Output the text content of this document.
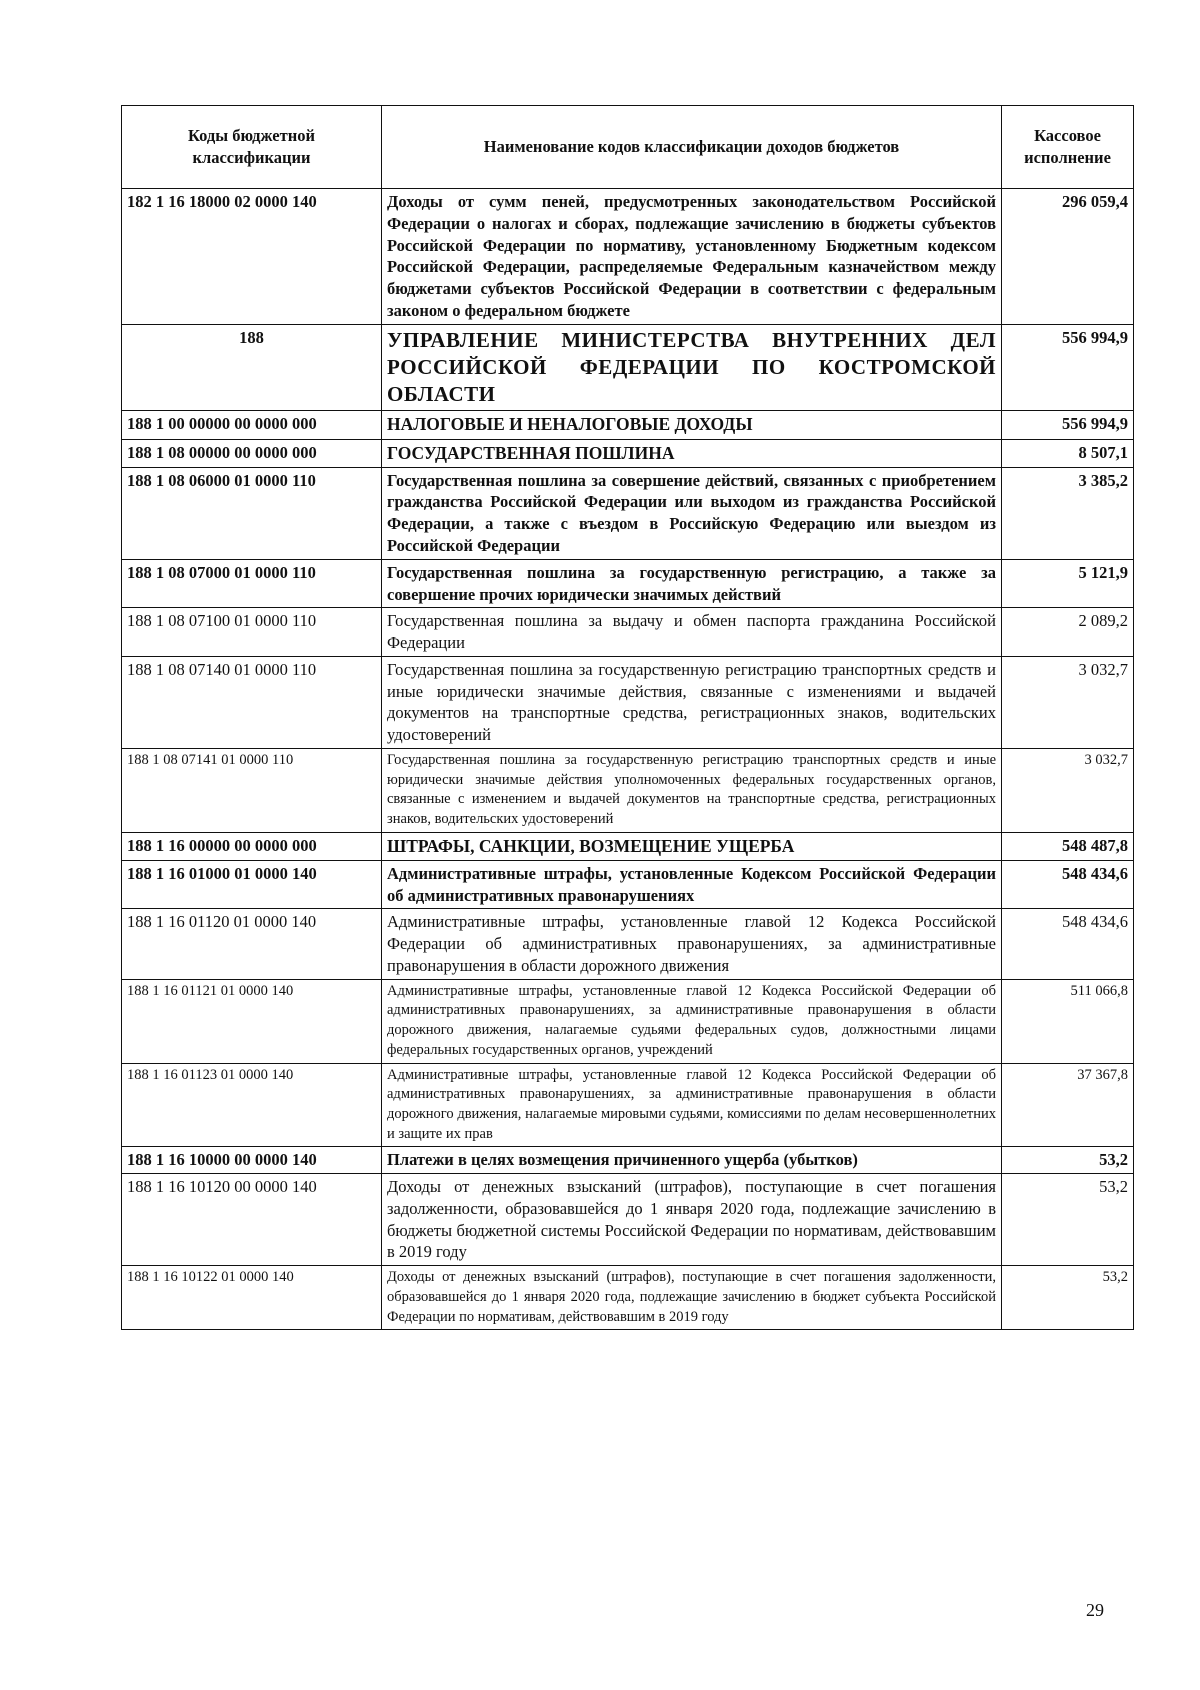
Коды бюджетной классификации	Наименование кодов классификации доходов бюджетов	Кассовое исполнение
182 1 16 18000 02 0000 140	Доходы от сумм пеней, предусмотренных законодательством Российской Федерации о налогах и сборах, подлежащие зачислению в бюджеты субъектов Российской Федерации по нормативу, установленному Бюджетным кодексом Российской Федерации, распределяемые Федеральным казначейством между бюджетами субъектов Российской Федерации в соответствии с федеральным законом о федеральном бюджете	296 059,4
188	УПРАВЛЕНИЕ МИНИСТЕРСТВА ВНУТРЕННИХ ДЕЛ РОССИЙСКОЙ ФЕДЕРАЦИИ ПО КОСТРОМСКОЙ ОБЛАСТИ	556 994,9
188 1 00 00000 00 0000 000	НАЛОГОВЫЕ И НЕНАЛОГОВЫЕ ДОХОДЫ	556 994,9
188 1 08 00000 00 0000 000	ГОСУДАРСТВЕННАЯ ПОШЛИНА	8 507,1
188 1 08 06000 01 0000 110	Государственная пошлина за совершение действий, связанных с приобретением гражданства Российской Федерации или выходом из гражданства Российской Федерации, а также с въездом в Российскую Федерацию или выездом из Российской Федерации	3 385,2
188 1 08 07000 01 0000 110	Государственная пошлина за государственную регистрацию, а также за совершение прочих юридически значимых действий	5 121,9
188 1 08 07100 01 0000 110	Государственная пошлина за выдачу и обмен паспорта гражданина Российской Федерации	2 089,2
188 1 08 07140 01 0000 110	Государственная пошлина за государственную регистрацию транспортных средств и иные юридически значимые действия, связанные с изменениями и выдачей документов на транспортные средства, регистрационных знаков, водительских удостоверений	3 032,7
188 1 08 07141 01 0000 110	Государственная пошлина за государственную регистрацию транспортных средств и иные юридически значимые действия уполномоченных федеральных государственных органов, связанные с изменением и выдачей документов на транспортные средства, регистрационных знаков, водительских удостоверений	3 032,7
188 1 16 00000 00 0000 000	ШТРАФЫ, САНКЦИИ, ВОЗМЕЩЕНИЕ УЩЕРБА	548 487,8
188 1 16 01000 01 0000 140	Административные штрафы, установленные Кодексом Российской Федерации об административных правонарушениях	548 434,6
188 1 16 01120 01 0000 140	Административные штрафы, установленные главой 12 Кодекса Российской Федерации об административных правонарушениях, за административные правонарушения в области дорожного движения	548 434,6
188 1 16 01121 01 0000 140	Административные штрафы, установленные главой 12 Кодекса Российской Федерации об административных правонарушениях, за административные правонарушения в области дорожного движения, налагаемые судьями федеральных судов, должностными лицами федеральных государственных органов, учреждений	511 066,8
188 1 16 01123 01 0000 140	Административные штрафы, установленные главой 12 Кодекса Российской Федерации об административных правонарушениях, за административные правонарушения в области дорожного движения, налагаемые мировыми судьями, комиссиями по делам несовершеннолетних и защите их прав	37 367,8
188 1 16 10000 00 0000 140	Платежи в целях возмещения причиненного ущерба (убытков)	53,2
188 1 16 10120 00 0000 140	Доходы от денежных взысканий (штрафов), поступающие в счет погашения задолженности, образовавшейся до 1 января 2020 года, подлежащие зачислению в бюджеты бюджетной системы Российской Федерации по нормативам, действовавшим в 2019 году	53,2
188 1 16 10122 01 0000 140	Доходы от денежных взысканий (штрафов), поступающие в счет погашения задолженности, образовавшейся до 1 января 2020 года, подлежащие зачислению в бюджет субъекта Российской Федерации по нормативам, действовавшим в 2019 году	53,2
29
